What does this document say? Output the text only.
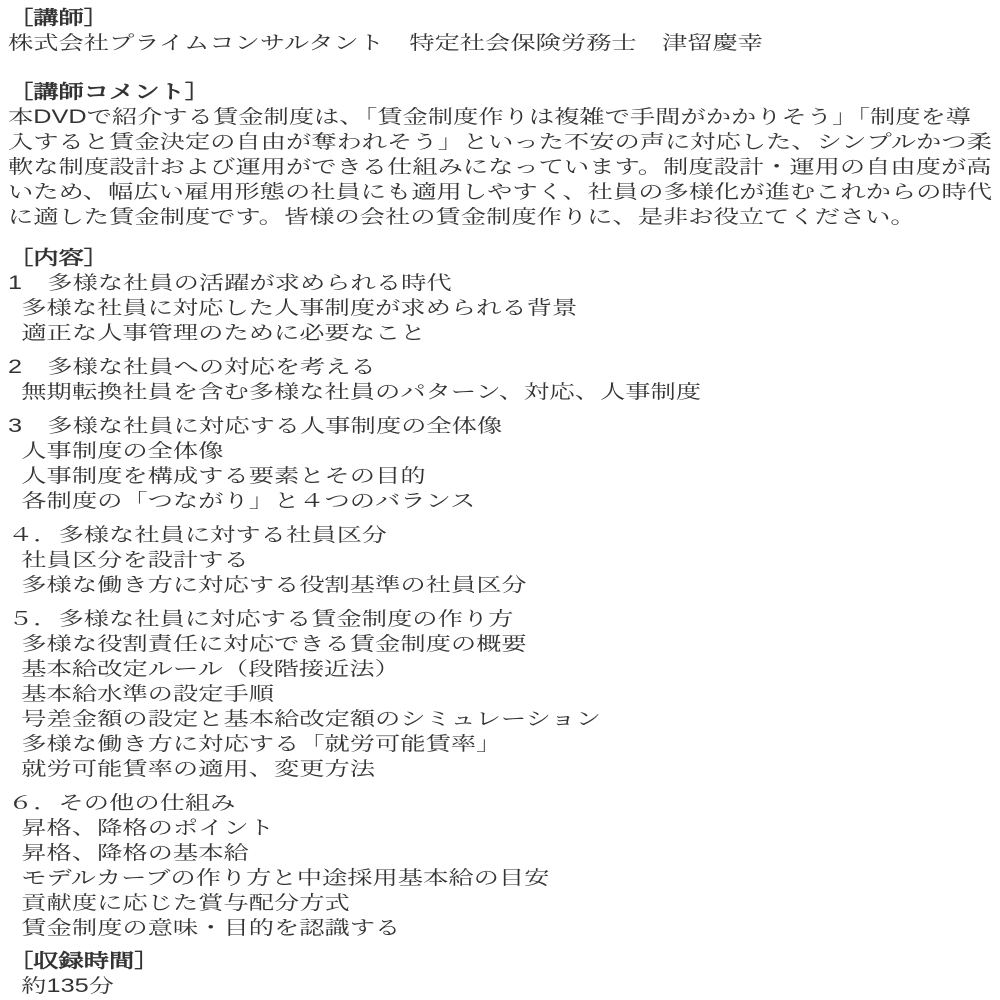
［講師］
株式会社プライムコンサルタント　特定社会保険労務士　津留慶幸
［講師コメント］
本DVDで紹介する賃金制度は、「賃金制度作りは複雑で手間がかかりそう」「制度を導
入すると賃金決定の自由が奪われそう」といった不安の声に対応した、シンプルかつ柔
軟な制度設計および運用ができる仕組みになっています。制度設計・運用の自由度が高
いため、幅広い雇用形態の社員にも適用しやすく、社員の多様化が進むこれからの時代
に適した賃金制度です。皆様の会社の賃金制度作りに、是非お役立てください。
［内容］
1　多様な社員の活躍が求められる時代
多様な社員に対応した人事制度が求められる背景
適正な人事管理のために必要なこと
2　多様な社員への対応を考える
無期転換社員を含む多様な社員のパターン、対応、人事制度
3　多様な社員に対応する人事制度の全体像
人事制度の全体像
人事制度を構成する要素とその目的
各制度の「つながり」と４つのバランス
４．多様な社員に対する社員区分
社員区分を設計する
多様な働き方に対応する役割基準の社員区分
５．多様な社員に対応する賃金制度の作り方
多様な役割責任に対応できる賃金制度の概要
基本給改定ルール（段階接近法）
基本給水準の設定手順
号差金額の設定と基本給改定額のシミュレーション
多様な働き方に対応する「就労可能賃率」
就労可能賃率の適用、変更方法
６．その他の仕組み
昇格、降格のポイント
昇格、降格の基本給
モデルカーブの作り方と中途採用基本給の目安
貢献度に応じた賞与配分方式
賃金制度の意味・目的を認識する
［収録時間］
約135分
